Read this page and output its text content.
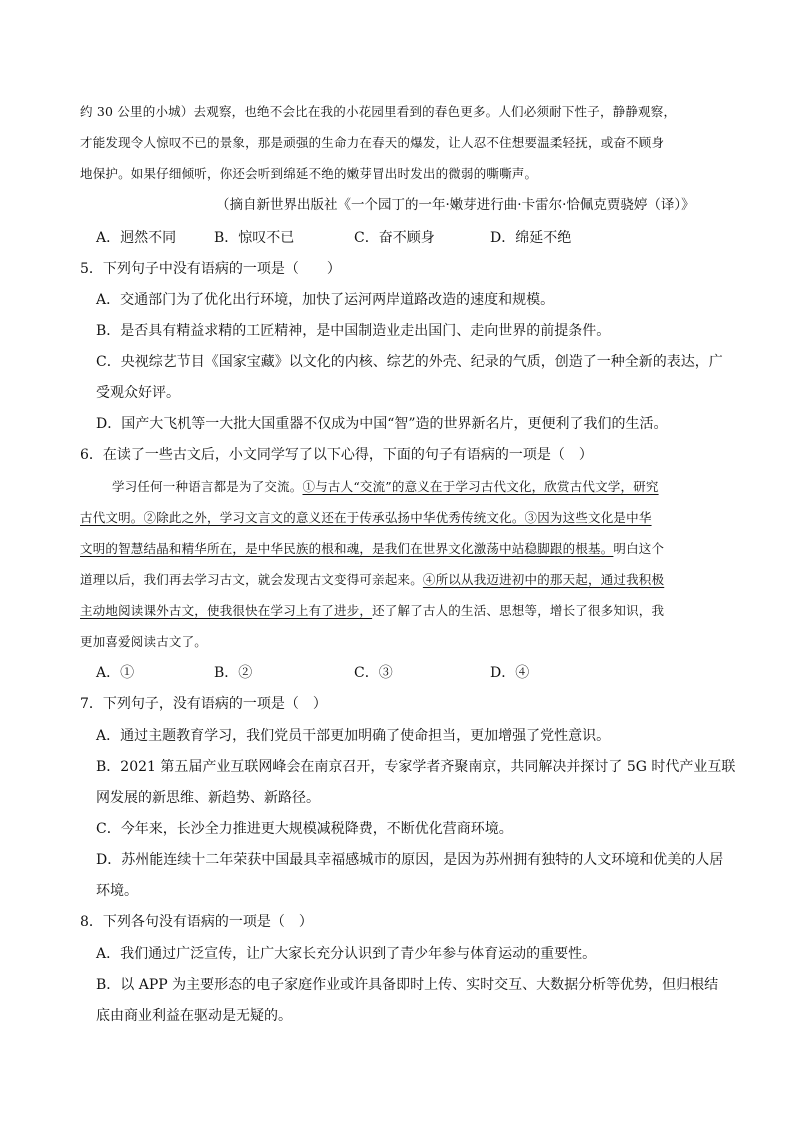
约 30 公里的小城）去观察，也绝不会比在我的小花园里看到的春色更多。人们必须耐下性子，静静观察，
才能发现令人惊叹不已的景象，那是顽强的生命力在春天的爆发，让人忍不住想要温柔轻抚，或奋不顾身
地保护。如果仔细倾听，你还会听到绵延不绝的嫩芽冒出时发出的微弱的嘶嘶声。
（摘自新世界出版社《一个园丁的一年·嫩芽进行曲·卡雷尔·恰佩克贾骁婷（译）》
A．迥然不同	B．惊叹不已	C．奋不顾身	D．绵延不绝
5．下列句子中没有语病的一项是（　　）
A．交通部门为了优化出行环境，加快了运河两岸道路改造的速度和规模。
B．是否具有精益求精的工匠精神，是中国制造业走出国门、走向世界的前提条件。
C．央视综艺节目《国家宝藏》以文化的内核、综艺的外壳、纪录的气质，创造了一种全新的表达，广
受观众好评。
D．国产大飞机等一大批大国重器不仅成为中国“智”造的世界新名片，更便利了我们的生活。
6．在读了一些古文后，小文同学写了以下心得，下面的句子有语病的一项是（　）
学习任何一种语言都是为了交流。①与古人“交流”的意义在于学习古代文化，欣赏古代文学，研究
古代文明。②除此之外，学习文言文的意义还在于传承弘扬中华优秀传统文化。③因为这些文化是中华
文明的智慧结晶和精华所在，是中华民族的根和魂，是我们在世界文化激荡中站稳脚跟的根基。明白这个
道理以后，我们再去学习古文，就会发现古文变得可亲起来。④所以从我迈进初中的那天起，通过我积极
主动地阅读课外古文，使我很快在学习上有了进步，还了解了古人的生活、思想等，增长了很多知识，我
更加喜爱阅读古文了。
A．①	B．②	C．③	D．④
7．下列句子，没有语病的一项是（　）
A．通过主题教育学习，我们党员干部更加明确了使命担当，更加增强了党性意识。
B．2021 第五届产业互联网峰会在南京召开，专家学者齐聚南京，共同解决并探讨了 5G 时代产业互联
网发展的新思维、新趋势、新路径。
C．今年来，长沙全力推进更大规模减税降费，不断优化营商环境。
D．苏州能连续十二年荣获中国最具幸福感城市的原因，是因为苏州拥有独特的人文环境和优美的人居
环境。
8．下列各句没有语病的一项是（　）
A．我们通过广泛宣传，让广大家长充分认识到了青少年参与体育运动的重要性。
B．以 APP 为主要形态的电子家庭作业或许具备即时上传、实时交互、大数据分析等优势，但归根结
底由商业利益在驱动是无疑的。
